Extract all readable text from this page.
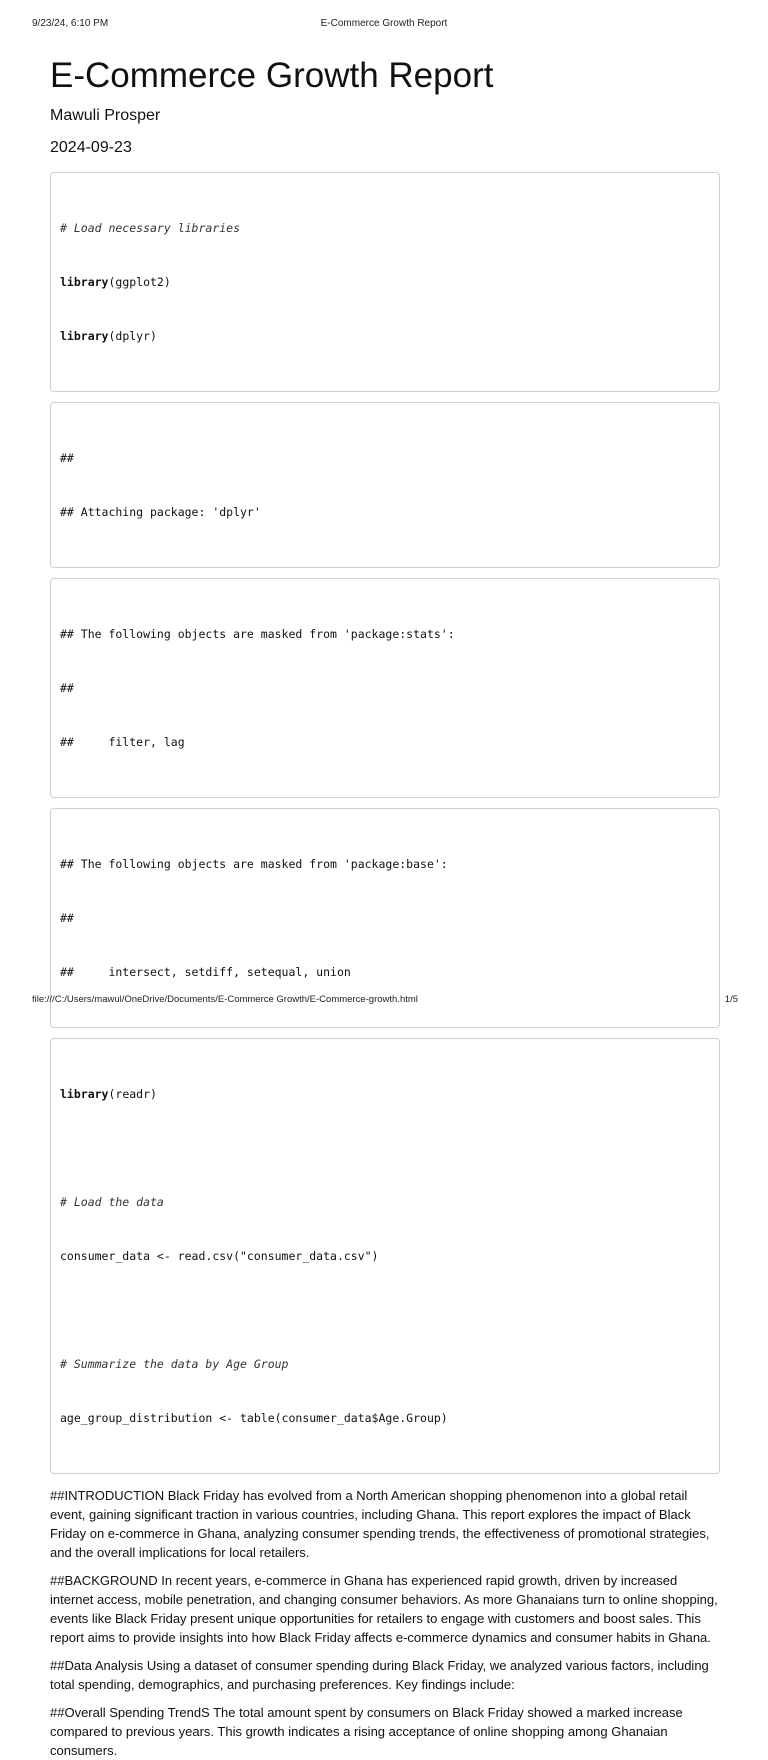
9/23/24, 6:10 PM	E-Commerce Growth Report
E-Commerce Growth Report
Mawuli Prosper
2024-09-23

# Load necessary libraries

library(ggplot2)

library(dplyr)

##

## Attaching package: 'dplyr'

## The following objects are masked from 'package:stats':

##

##     filter, lag

## The following objects are masked from 'package:base':

##

##     intersect, setdiff, setequal, union

library(readr)

# Load the data

consumer_data <- read.csv("consumer_data.csv")

# Summarize the data by Age Group

age_group_distribution <- table(consumer_data$Age.Group)

##INTRODUCTION Black Friday has evolved from a North American shopping phenomenon into a global retail event, gaining significant traction in various countries, including Ghana. This report explores the impact of Black Friday on e-commerce in Ghana, analyzing consumer spending trends, the effectiveness of promotional strategies, and the overall implications for local retailers.

##BACKGROUND In recent years, e-commerce in Ghana has experienced rapid growth, driven by increased internet access, mobile penetration, and changing consumer behaviors. As more Ghanaians turn to online shopping, events like Black Friday present unique opportunities for retailers to engage with customers and boost sales. This report aims to provide insights into how Black Friday affects e-commerce dynamics and consumer habits in Ghana.

##Data Analysis Using a dataset of consumer spending during Black Friday, we analyzed various factors, including total spending, demographics, and purchasing preferences. Key findings include:

##Overall Spending TrendS The total amount spent by consumers on Black Friday showed a marked increase compared to previous years. This growth indicates a rising acceptance of online shopping among Ghanaian consumers.

file:///C:/Users/mawul/OneDrive/Documents/E-Commerce Growth/E-Commerce-growth.html	1/5
